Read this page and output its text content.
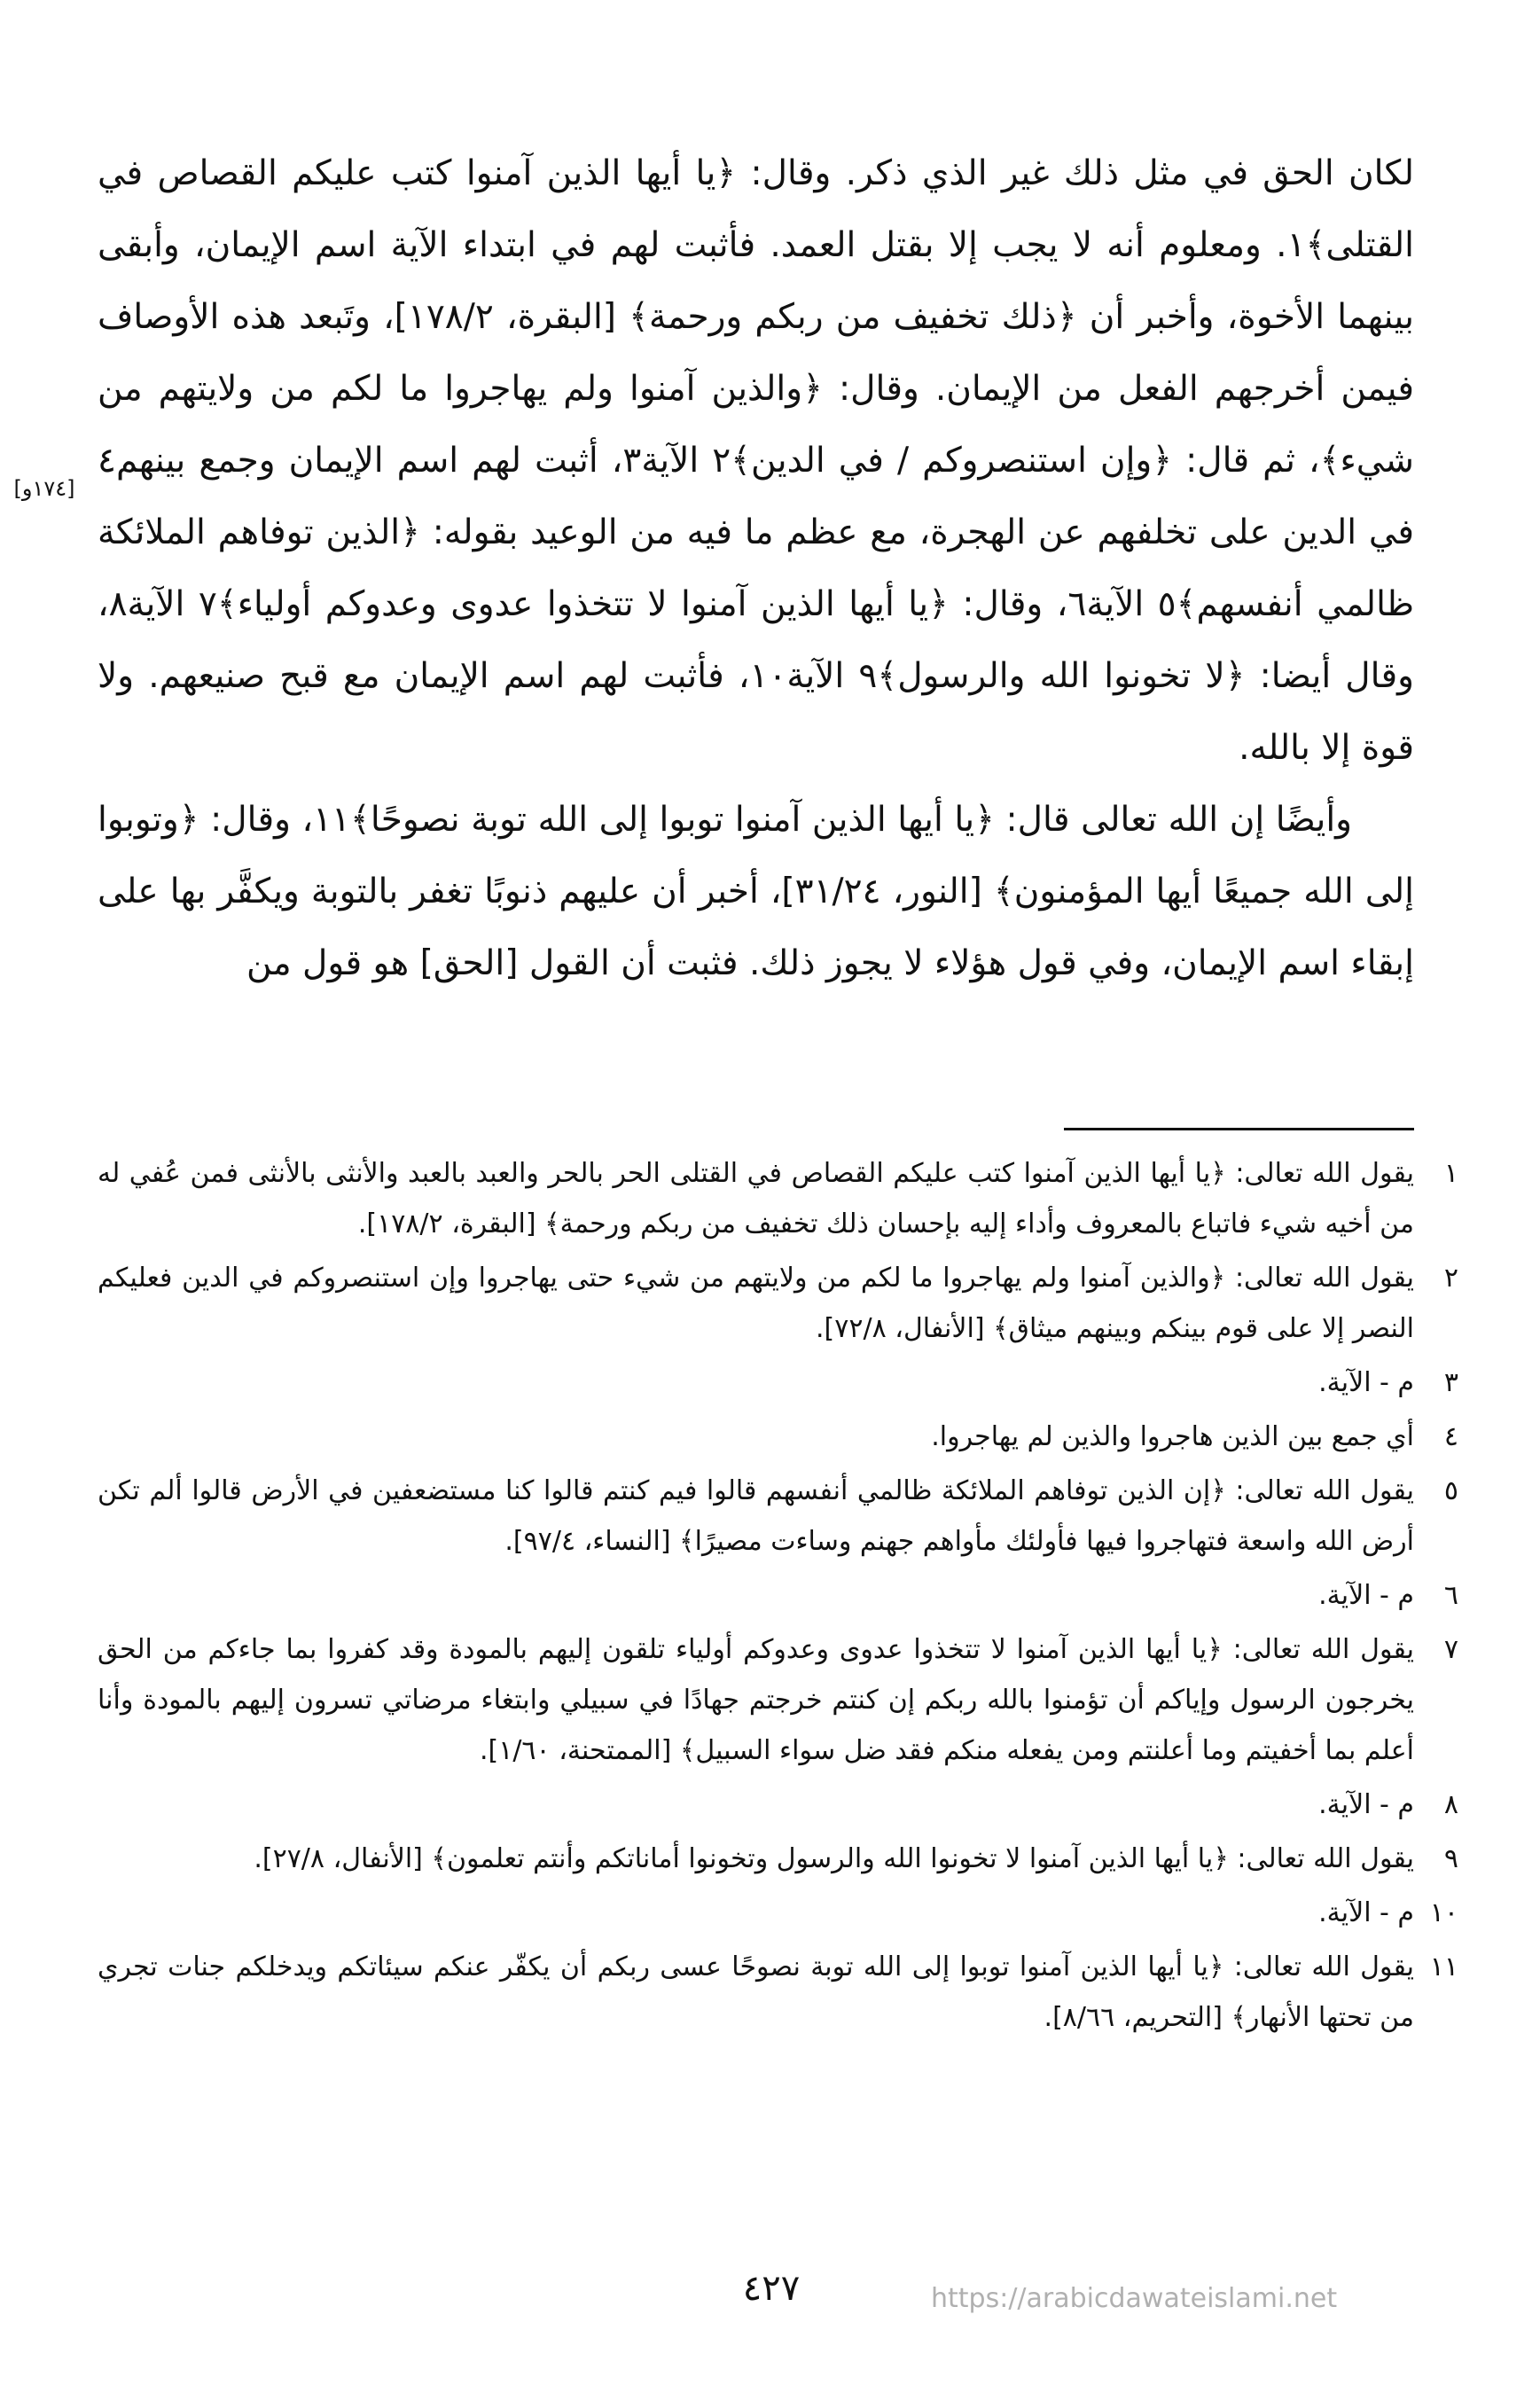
لكان الحق في مثل ذلك غير الذي ذكر. وقال: ﴿يا أيها الذين آمنوا كتب عليكم القصاص في القتلى﴾١. ومعلوم أنه لا يجب إلا بقتل العمد. فأثبت لهم في ابتداء الآية اسم الإيمان، وأبقى بينهما الأخوة، وأخبر أن ﴿ذلك تخفيف من ربكم ورحمة﴾ [البقرة، ١٧٨/٢]، وتَبعد هذه الأوصاف فيمن أخرجهم الفعل من الإيمان. وقال: ﴿والذين آمنوا ولم يهاجروا ما لكم من ولايتهم من شيء﴾، ثم قال: ﴿وإن استنصروكم / في الدين﴾٢ الآية٣، أثبت لهم اسم الإيمان وجمع بينهم٤ في الدين على تخلفهم عن الهجرة، مع عظم ما فيه من الوعيد بقوله: ﴿الذين توفاهم الملائكة ظالمي أنفسهم﴾٥ الآية٦، وقال: ﴿يا أيها الذين آمنوا لا تتخذوا عدوى وعدوكم أولياء﴾٧ الآية٨، وقال أيضا: ﴿لا تخونوا الله والرسول﴾٩ الآية١٠، فأثبت لهم اسم الإيمان مع قبح صنيعهم. ولا قوة إلا بالله.

وأيضًا إن الله تعالى قال: ﴿يا أيها الذين آمنوا توبوا إلى الله توبة نصوحًا﴾١١، وقال: ﴿وتوبوا إلى الله جميعًا أيها المؤمنون﴾ [النور، ٣١/٢٤]، أخبر أن عليهم ذنوبًا تغفر بالتوبة ويكفَّر بها على إبقاء اسم الإيمان، وفي قول هؤلاء لا يجوز ذلك. فثبت أن القول [الحق] هو قول من

[١٧٤و]
١
يقول الله تعالى: ﴿يا أيها الذين آمنوا كتب عليكم القصاص في القتلى الحر بالحر والعبد بالعبد والأنثى بالأنثى فمن عُفي له من أخيه شيء فاتباع بالمعروف وأداء إليه بإحسان ذلك تخفيف من ربكم ورحمة﴾ [البقرة، ١٧٨/٢].
٢
يقول الله تعالى: ﴿والذين آمنوا ولم يهاجروا ما لكم من ولايتهم من شيء حتى يهاجروا وإن استنصروكم في الدين فعليكم النصر إلا على قوم بينكم وبينهم ميثاق﴾ [الأنفال، ٧٢/٨].
٣
م - الآية.
٤
أي جمع بين الذين هاجروا والذين لم يهاجروا.
٥
يقول الله تعالى: ﴿إن الذين توفاهم الملائكة ظالمي أنفسهم قالوا فيم كنتم قالوا كنا مستضعفين في الأرض قالوا ألم تكن أرض الله واسعة فتهاجروا فيها فأولئك مأواهم جهنم وساءت مصيرًا﴾ [النساء، ٩٧/٤].
٦
م - الآية.
٧
يقول الله تعالى: ﴿يا أيها الذين آمنوا لا تتخذوا عدوى وعدوكم أولياء تلقون إليهم بالمودة وقد كفروا بما جاءكم من الحق يخرجون الرسول وإياكم أن تؤمنوا بالله ربكم إن كنتم خرجتم جهادًا في سبيلي وابتغاء مرضاتي تسرون إليهم بالمودة وأنا أعلم بما أخفيتم وما أعلنتم ومن يفعله منكم فقد ضل سواء السبيل﴾ [الممتحنة، ١/٦٠].
٨
م - الآية.
٩
يقول الله تعالى: ﴿يا أيها الذين آمنوا لا تخونوا الله والرسول وتخونوا أماناتكم وأنتم تعلمون﴾ [الأنفال، ٢٧/٨].
١٠
م - الآية.
١١
يقول الله تعالى: ﴿يا أيها الذين آمنوا توبوا إلى الله توبة نصوحًا عسى ربكم أن يكفّر عنكم سيئاتكم ويدخلكم جنات تجري من تحتها الأنهار﴾ [التحريم، ٨/٦٦].
٤٢٧	https://arabicdawateislami.net
